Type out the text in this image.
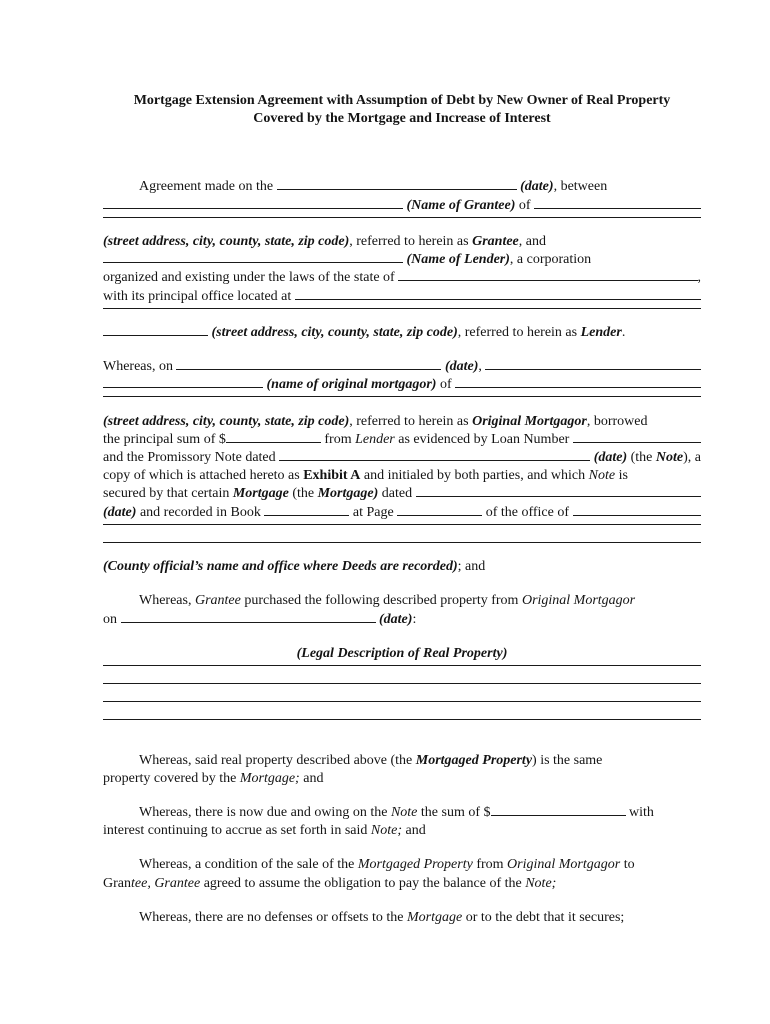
Mortgage Extension Agreement with Assumption of Debt by New Owner of Real Property
Covered by the Mortgage and Increase of Interest
Agreement made on the
	(date) , between

(Name of Grantee) of
(street address, city, county, state, zip code) , referred to herein as Grantee , and

(Name of Lender) , a corporation
organized and existing under the laws of the state of	,
with its principal office located at

(street address, city, county, state, zip code) , referred to herein as Lender .
Whereas, on
	(date) ,

(name of original mortgagor) of
(street address, city, county, state, zip code) , referred to herein as Original Mortgagor , borrowed
the principal sum of $	from Lender as evidenced by Loan Number
and the Promissory Note dated
	(date) (the Note ), a
copy of which is attached hereto as Exhibit A and initialed by both parties, and which Note is
secured by that certain Mortgage (the Mortgage) dated
(date) and recorded in Book	at Page	of the office of
(County official’s name and office where Deeds are recorded) ; and
Whereas, Grantee purchased the following described property from Original Mortgagor
on
	(date) :
(Legal Description of Real Property)
Whereas, said real property described above (the Mortgaged Property ) is the same
property covered by the Mortgage; and
Whereas, there is now due and owing on the Note the sum of $	with
interest continuing to accrue as set forth in said Note; and
Whereas, a condition of the sale of the Mortgaged Property from Original Mortgagor to
Gran tee, Grantee agreed to assume the obligation to pay the balance of the Note;
Whereas, there are no defenses or offsets to the Mortgage or to the debt that it secures;
